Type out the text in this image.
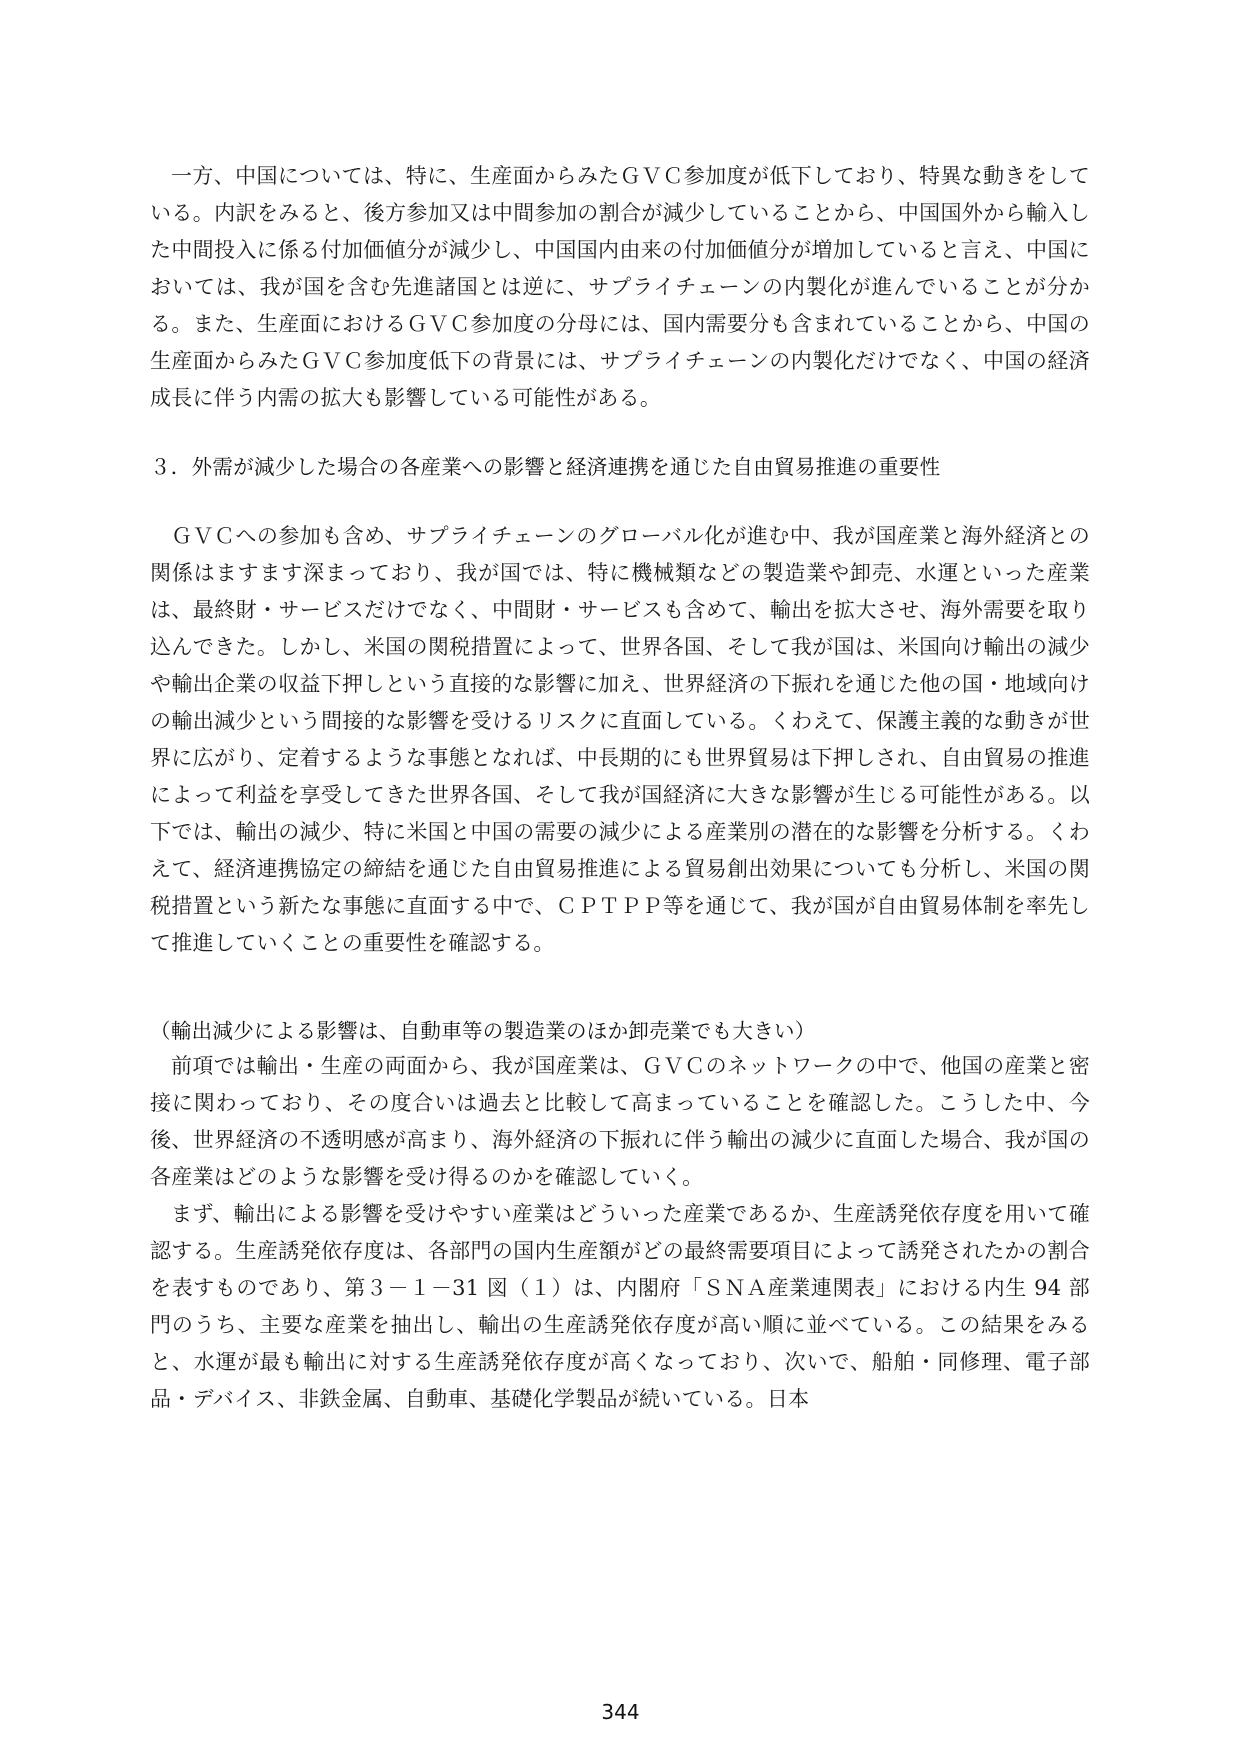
一方、中国については、特に、生産面からみたＧＶＣ参加度が低下しており、特異な動きをしている。内訳をみると、後方参加又は中間参加の割合が減少していることから、中国国外から輸入した中間投入に係る付加価値分が減少し、中国国内由来の付加価値分が増加していると言え、中国においては、我が国を含む先進諸国とは逆に、サプライチェーンの内製化が進んでいることが分かる。また、生産面におけるＧＶＣ参加度の分母には、国内需要分も含まれていることから、中国の生産面からみたＧＶＣ参加度低下の背景には、サプライチェーンの内製化だけでなく、中国の経済成長に伴う内需の拡大も影響している可能性がある。

３．外需が減少した場合の各産業への影響と経済連携を通じた自由貿易推進の重要性

ＧＶＣへの参加も含め、サプライチェーンのグローバル化が進む中、我が国産業と海外経済との関係はますます深まっており、我が国では、特に機械類などの製造業や卸売、水運といった産業は、最終財・サービスだけでなく、中間財・サービスも含めて、輸出を拡大させ、海外需要を取り込んできた。しかし、米国の関税措置によって、世界各国、そして我が国は、米国向け輸出の減少や輸出企業の収益下押しという直接的な影響に加え、世界経済の下振れを通じた他の国・地域向けの輸出減少という間接的な影響を受けるリスクに直面している。くわえて、保護主義的な動きが世界に広がり、定着するような事態となれば、中長期的にも世界貿易は下押しされ、自由貿易の推進によって利益を享受してきた世界各国、そして我が国経済に大きな影響が生じる可能性がある。以下では、輸出の減少、特に米国と中国の需要の減少による産業別の潜在的な影響を分析する。くわえて、経済連携協定の締結を通じた自由貿易推進による貿易創出効果についても分析し、米国の関税措置という新たな事態に直面する中で、ＣＰＴＰＰ等を通じて、我が国が自由貿易体制を率先して推進していくことの重要性を確認する。

（輸出減少による影響は、自動車等の製造業のほか卸売業でも大きい）

前項では輸出・生産の両面から、我が国産業は、ＧＶＣのネットワークの中で、他国の産業と密接に関わっており、その度合いは過去と比較して高まっていることを確認した。こうした中、今後、世界経済の不透明感が高まり、海外経済の下振れに伴う輸出の減少に直面した場合、我が国の各産業はどのような影響を受け得るのかを確認していく。

まず、輸出による影響を受けやすい産業はどういった産業であるか、生産誘発依存度を用いて確認する。生産誘発依存度は、各部門の国内生産額がどの最終需要項目によって誘発されたかの割合を表すものであり、第３－１－31 図（１）は、内閣府「ＳＮＡ産業連関表」における内生 94 部門のうち、主要な産業を抽出し、輸出の生産誘発依存度が高い順に並べている。この結果をみると、水運が最も輸出に対する生産誘発依存度が高くなっており、次いで、船舶・同修理、電子部品・デバイス、非鉄金属、自動車、基礎化学製品が続いている。日本

344
